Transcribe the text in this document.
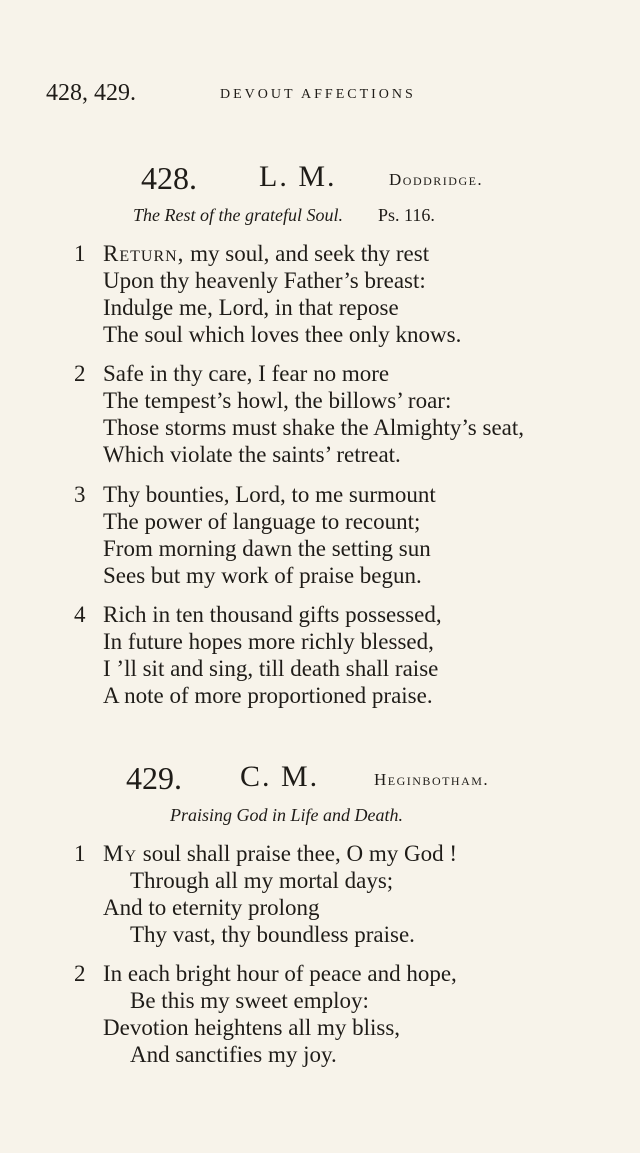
428, 429.	DEVOUT AFFECTIONS
428. L. M.	Doddridge.
The Rest of the grateful Soul. Ps. 116.
1 Return, my soul, and seek thy rest
Upon thy heavenly Father’s breast:
Indulge me, Lord, in that repose
The soul which loves thee only knows.
2 Safe in thy care, I fear no more
The tempest’s howl, the billows’ roar:
Those storms must shake the Almighty’s seat,
Which violate the saints’ retreat.
3 Thy bounties, Lord, to me surmount
The power of language to recount;
From morning dawn the setting sun
Sees but my work of praise begun.
4 Rich in ten thousand gifts possessed,
In future hopes more richly blessed,
I ’ll sit and sing, till death shall raise
A note of more proportioned praise.
429. C. M.	Heginbotham.
Praising God in Life and Death.
1 My soul shall praise thee, O my God !
Through all my mortal days;
And to eternity prolong
Thy vast, thy boundless praise.
2 In each bright hour of peace and hope,
Be this my sweet employ:
Devotion heightens all my bliss,
And sanctifies my joy.
